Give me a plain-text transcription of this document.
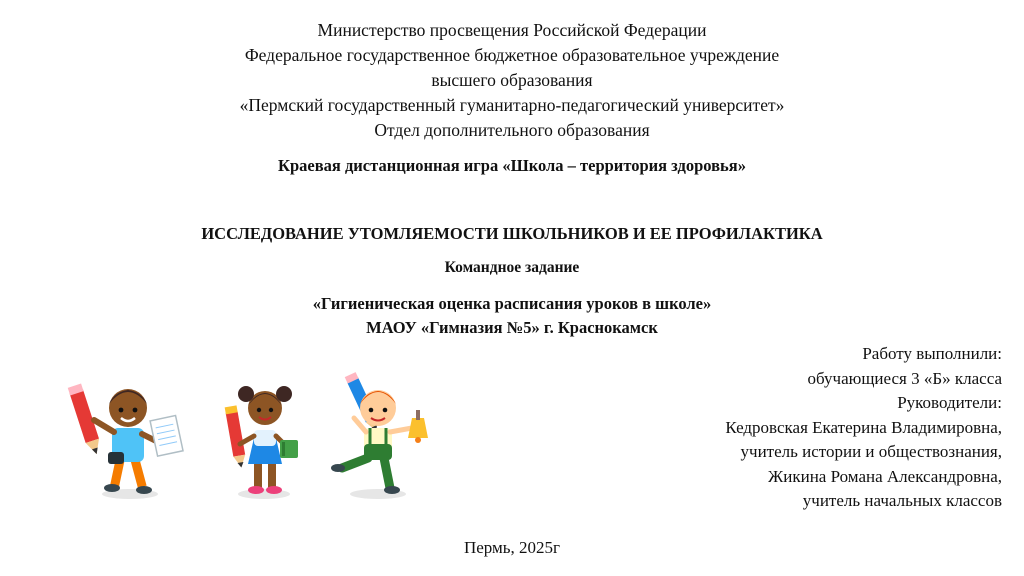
Министерство просвещения Российской Федерации
Федеральное государственное бюджетное образовательное учреждение
высшего образования
«Пермский государственный гуманитарно-педагогический университет»
Отдел дополнительного образования
Краевая дистанционная игра «Школа – территория здоровья»
ИССЛЕДОВАНИЕ УТОМЛЯЕМОСТИ ШКОЛЬНИКОВ И ЕЕ ПРОФИЛАКТИКА
Командное задание
«Гигиеническая оценка расписания уроков в школе»
МАОУ «Гимназия №5» г. Краснокамск
Работу выполнили:
обучающиеся 3 «Б» класса
Руководители:
Кедровская Екатерина Владимировна,
учитель истории и обществознания,
Жикина Романа Александровна,
учитель начальных классов
Пермь, 2025г
